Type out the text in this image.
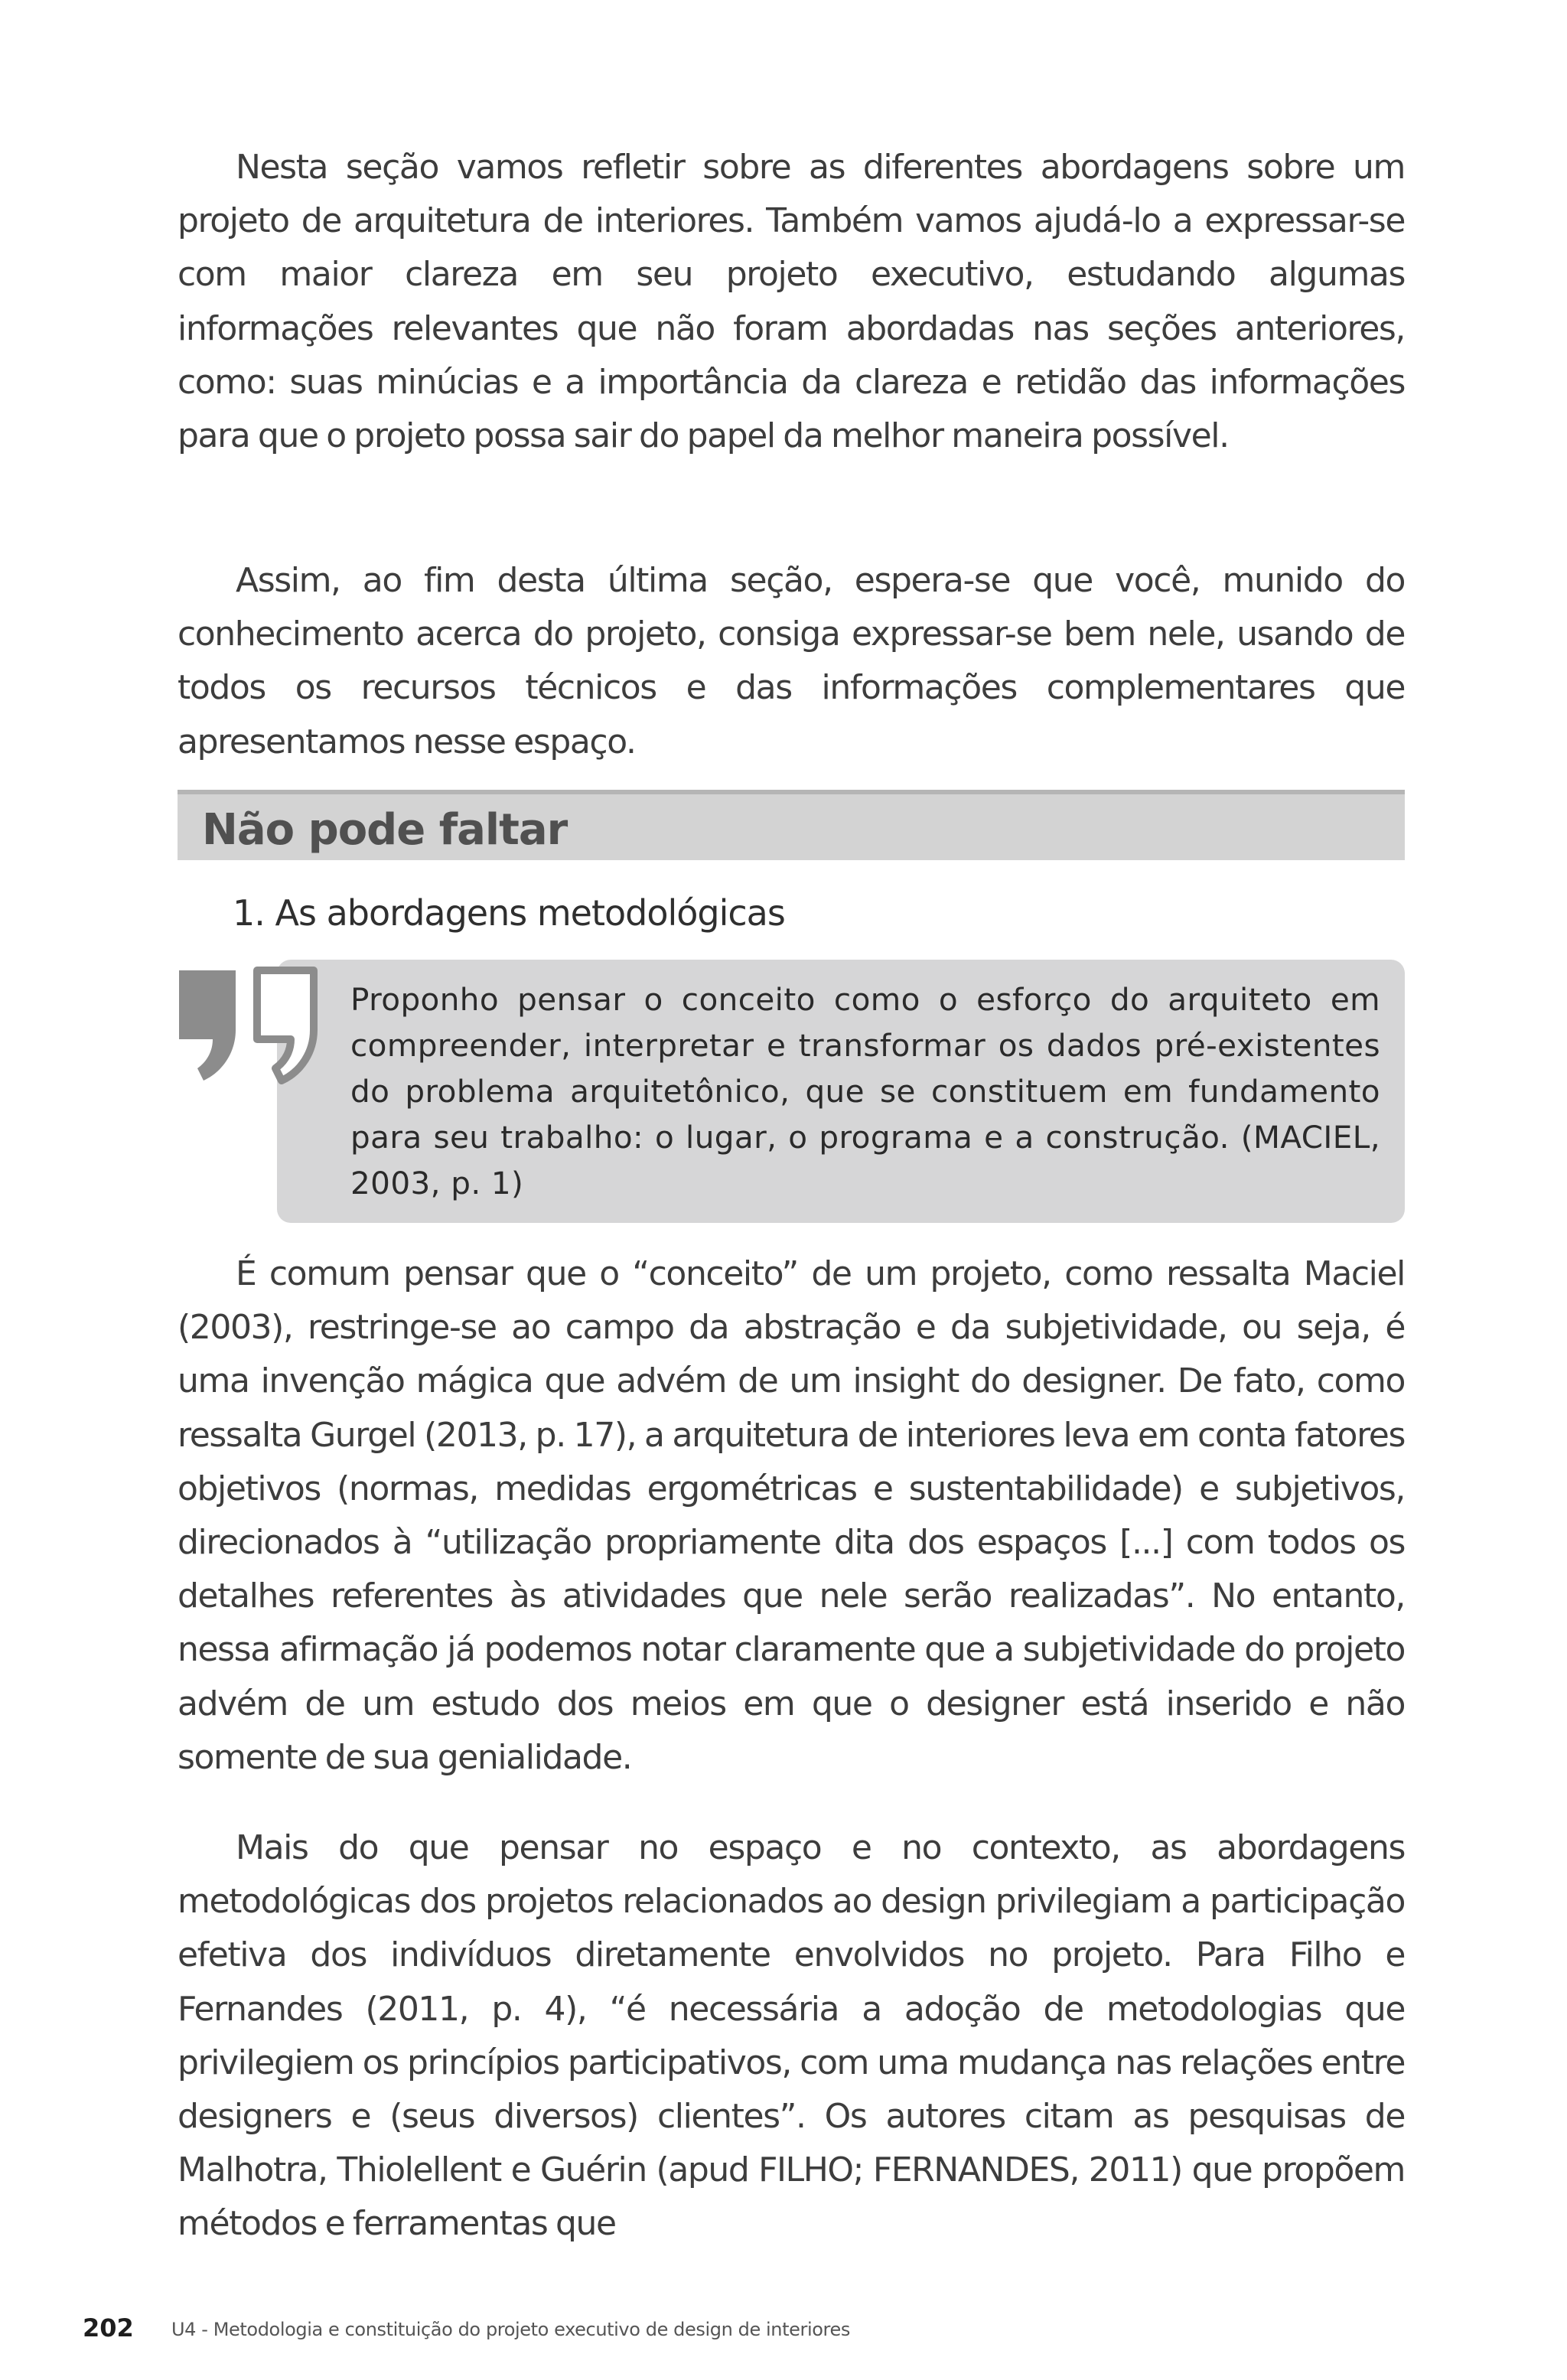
Nesta seção vamos refletir sobre as diferentes abordagens sobre um projeto de arquitetura de interiores. Também vamos ajudá-lo a expressar-se com maior clareza em seu projeto executivo, estudando algumas informações relevantes que não foram abordadas nas seções anteriores, como: suas minúcias e a importância da clareza e retidão das informações para que o projeto possa sair do papel da melhor maneira possível.

Assim, ao fim desta última seção, espera-se que você, munido do conhecimento acerca do projeto, consiga expressar-se bem nele, usando de todos os recursos técnicos e das informações complementares que apresentamos nesse espaço.

Não pode faltar
1. As abordagens metodológicas

Proponho pensar o conceito como o esforço do arquiteto em compreender, interpretar e transformar os dados pré-existentes do problema arquitetônico, que se constituem em fundamento para seu trabalho: o lugar, o programa e a construção. (MACIEL, 2003, p. 1)

É comum pensar que o “conceito” de um projeto, como ressalta Maciel (2003), restringe-se ao campo da abstração e da subjetividade, ou seja, é uma invenção mágica que advém de um insight do designer. De fato, como ressalta Gurgel (2013, p. 17), a arquitetura de interiores leva em conta fatores objetivos (normas, medidas ergométricas e sustentabilidade) e subjetivos, direcionados à “utilização propriamente dita dos espaços [...] com todos os detalhes referentes às atividades que nele serão realizadas”. No entanto, nessa afirmação já podemos notar claramente que a subjetividade do projeto advém de um estudo dos meios em que o designer está inserido e não somente de sua genialidade.

Mais do que pensar no espaço e no contexto, as abordagens metodológicas dos projetos relacionados ao design privilegiam a participação efetiva dos indivíduos diretamente envolvidos no projeto. Para Filho e Fernandes (2011, p. 4), “é necessária a adoção de metodologias que privilegiem os princípios participativos, com uma mudança nas relações entre designers e (seus diversos) clientes”. Os autores citam as pesquisas de Malhotra, Thiolellent e Guérin (apud FILHO; FERNANDES, 2011) que propõem métodos e ferramentas que

202 U4 - Metodologia e constituição do projeto executivo de design de interiores
